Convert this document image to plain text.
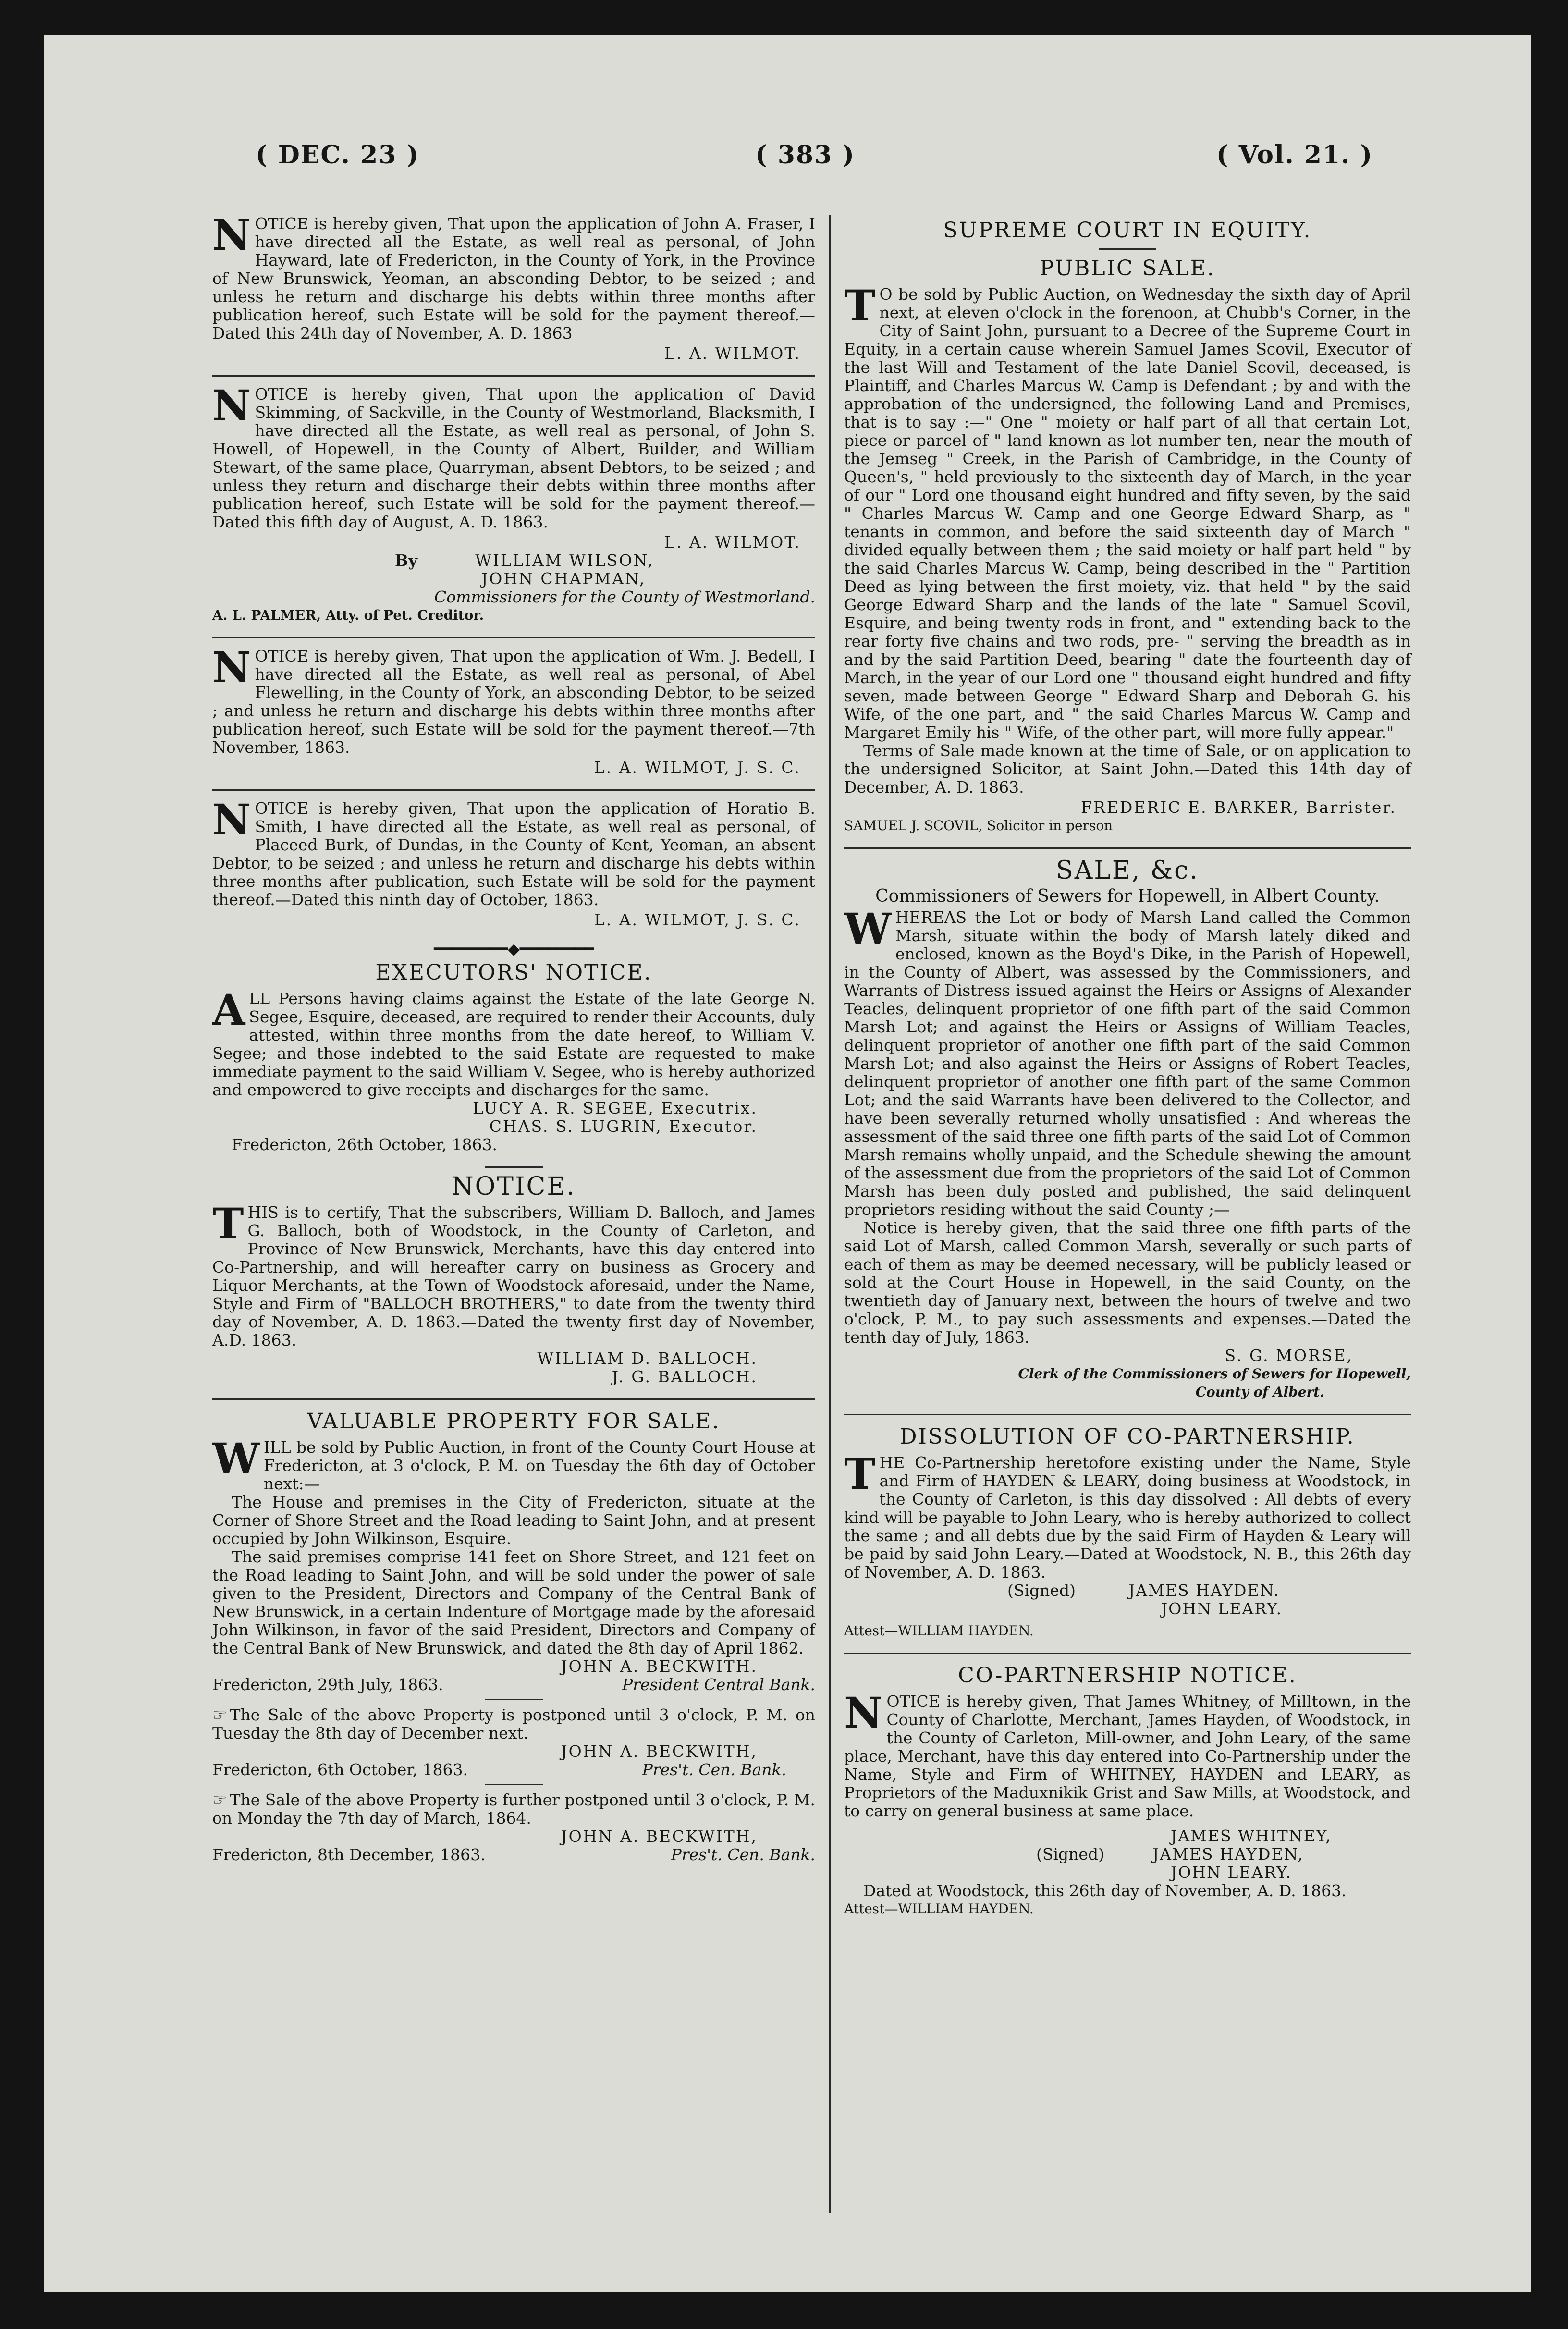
( DEC. 23 )	( 383 )	( Vol. 21. )
N OTICE is hereby given, That upon the application of John A. Fraser, I have directed all the Estate, as well real as personal, of John Hayward, late of Fredericton, in the County of York, in the Province of New Brunswick, Yeoman, an absconding Debtor, to be seized ; and unless he return and discharge his debts within three months after publication hereof, such Estate will be sold for the payment thereof.—Dated this 24th day of November, A. D. 1863

L. A. WILMOT.
N OTICE is hereby given, That upon the application of David Skimming, of Sackville, in the County of Westmorland, Blacksmith, I have directed all the Estate, as well real as personal, of John S. Howell, of Hopewell, in the County of Albert, Builder, and William Stewart, of the same place, Quarryman, absent Debtors, to be seized ; and unless they return and discharge their debts within three months after publication hereof, such Estate will be sold for the payment thereof.—Dated this fifth day of August, A. D. 1863.

L. A. WILMOT.
By	WILLIAM WILSON,
JOHN CHAPMAN,
Commissioners for the County of Westmorland.
A. L. PALMER, Atty. of Pet. Creditor.
N OTICE is hereby given, That upon the application of Wm. J. Bedell, I have directed all the Estate, as well real as personal, of Abel Flewelling, in the County of York, an absconding Debtor, to be seized ; and unless he return and discharge his debts within three months after publication hereof, such Estate will be sold for the payment thereof.—7th November, 1863.

L. A. WILMOT, J. S. C.
N OTICE is hereby given, That upon the application of Horatio B. Smith, I have directed all the Estate, as well real as personal, of Placeed Burk, of Dundas, in the County of Kent, Yeoman, an absent Debtor, to be seized ; and unless he return and discharge his debts within three months after publication, such Estate will be sold for the payment thereof.—Dated this ninth day of October, 1863.

L. A. WILMOT, J. S. C.
━━━━━━━━◆━━━━━━━━
EXECUTORS' NOTICE.
A LL Persons having claims against the Estate of the late George N. Segee, Esquire, deceased, are required to render their Accounts, duly attested, within three months from the date hereof, to William V. Segee; and those indebted to the said Estate are requested to make immediate payment to the said William V. Segee, who is hereby authorized and empowered to give receipts and discharges for the same.

LUCY A. R. SEGEE, Executrix.
CHAS. S. LUGRIN, Executor.
Fredericton, 26th October, 1863.
NOTICE.
T HIS is to certify, That the subscribers, William D. Balloch, and James G. Balloch, both of Woodstock, in the County of Carleton, and Province of New Brunswick, Merchants, have this day entered into Co-Partnership, and will hereafter carry on business as Grocery and Liquor Merchants, at the Town of Woodstock aforesaid, under the Name, Style and Firm of "BALLOCH BROTHERS," to date from the twenty third day of November, A. D. 1863.—Dated the twenty first day of November, A.D. 1863.

WILLIAM D. BALLOCH.
J. G. BALLOCH.
VALUABLE PROPERTY FOR SALE.
W ILL be sold by Public Auction, in front of the County Court House at Fredericton, at 3 o'clock, P. M. on Tuesday the 6th day of October next:—

The House and premises in the City of Fredericton, situate at the Corner of Shore Street and the Road leading to Saint John, and at present occupied by John Wilkinson, Esquire.

The said premises comprise 141 feet on Shore Street, and 121 feet on the Road leading to Saint John, and will be sold under the power of sale given to the President, Directors and Company of the Central Bank of New Brunswick, in a certain Indenture of Mortgage made by the aforesaid John Wilkinson, in favor of the said President, Directors and Company of the Central Bank of New Brunswick, and dated the 8th day of April 1862.

JOHN A. BECKWITH.
Fredericton, 29th July, 1863.	President Central Bank.

☞ The Sale of the above Property is postponed until 3 o'clock, P. M. on Tuesday the 8th day of December next.

JOHN A. BECKWITH,
Fredericton, 6th October, 1863.	Pres't. Cen. Bank.

☞ The Sale of the above Property is further postponed until 3 o'clock, P. M. on Monday the 7th day of March, 1864.

JOHN A. BECKWITH,
Fredericton, 8th December, 1863.	Pres't. Cen. Bank.
SUPREME COURT IN EQUITY.
PUBLIC SALE.
T O be sold by Public Auction, on Wednesday the sixth day of April next, at eleven o'clock in the forenoon, at Chubb's Corner, in the City of Saint John, pursuant to a Decree of the Supreme Court in Equity, in a certain cause wherein Samuel James Scovil, Executor of the last Will and Testament of the late Daniel Scovil, deceased, is Plaintiff, and Charles Marcus W. Camp is Defendant ; by and with the approbation of the undersigned, the following Land and Premises, that is to say :—" One " moiety or half part of all that certain Lot, piece or parcel of " land known as lot number ten, near the mouth of the Jemseg " Creek, in the Parish of Cambridge, in the County of Queen's, " held previously to the sixteenth day of March, in the year of our " Lord one thousand eight hundred and fifty seven, by the said " Charles Marcus W. Camp and one George Edward Sharp, as " tenants in common, and before the said sixteenth day of March " divided equally between them ; the said moiety or half part held " by the said Charles Marcus W. Camp, being described in the " Partition Deed as lying between the first moiety, viz. that held " by the said George Edward Sharp and the lands of the late " Samuel Scovil, Esquire, and being twenty rods in front, and " extending back to the rear forty five chains and two rods, pre- " serving the breadth as in and by the said Partition Deed, bearing " date the fourteenth day of March, in the year of our Lord one " thousand eight hundred and fifty seven, made between George " Edward Sharp and Deborah G. his Wife, of the one part, and " the said Charles Marcus W. Camp and Margaret Emily his " Wife, of the other part, will more fully appear."

Terms of Sale made known at the time of Sale, or on application to the undersigned Solicitor, at Saint John.—Dated this 14th day of December, A. D. 1863.

FREDERIC E. BARKER, Barrister.
SAMUEL J. SCOVIL, Solicitor in person
SALE, &c.
Commissioners of Sewers for Hopewell, in Albert County.
W HEREAS the Lot or body of Marsh Land called the Common Marsh, situate within the body of Marsh lately diked and enclosed, known as the Boyd's Dike, in the Parish of Hopewell, in the County of Albert, was assessed by the Commissioners, and Warrants of Distress issued against the Heirs or Assigns of Alexander Teacles, delinquent proprietor of one fifth part of the said Common Marsh Lot; and against the Heirs or Assigns of William Teacles, delinquent proprietor of another one fifth part of the said Common Marsh Lot; and also against the Heirs or Assigns of Robert Teacles, delinquent proprietor of another one fifth part of the same Common Lot; and the said Warrants have been delivered to the Collector, and have been severally returned wholly unsatisfied : And whereas the assessment of the said three one fifth parts of the said Lot of Common Marsh remains wholly unpaid, and the Schedule shewing the amount of the assessment due from the proprietors of the said Lot of Common Marsh has been duly posted and published, the said delinquent proprietors residing without the said County ;—

Notice is hereby given, that the said three one fifth parts of the said Lot of Marsh, called Common Marsh, severally or such parts of each of them as may be deemed necessary, will be publicly leased or sold at the Court House in Hopewell, in the said County, on the twentieth day of January next, between the hours of twelve and two o'clock, P. M., to pay such assessments and expenses.—Dated the tenth day of July, 1863.

S. G. MORSE,
Clerk of the Commissioners of Sewers for Hopewell,
County of Albert.
DISSOLUTION OF CO-PARTNERSHIP.
T HE Co-Partnership heretofore existing under the Name, Style and Firm of HAYDEN & LEARY, doing business at Woodstock, in the County of Carleton, is this day dissolved : All debts of every kind will be payable to John Leary, who is hereby authorized to collect the same ; and all debts due by the said Firm of Hayden & Leary will be paid by said John Leary.—Dated at Woodstock, N. B., this 26th day of November, A. D. 1863.

(Signed)	JAMES HAYDEN.
JOHN LEARY.
Attest—WILLIAM HAYDEN.
CO-PARTNERSHIP NOTICE.
N OTICE is hereby given, That James Whitney, of Milltown, in the County of Charlotte, Merchant, James Hayden, of Woodstock, in the County of Carleton, Mill-owner, and John Leary, of the same place, Merchant, have this day entered into Co-Partnership under the Name, Style and Firm of WHITNEY, HAYDEN and LEARY, as Proprietors of the Maduxnikik Grist and Saw Mills, at Woodstock, and to carry on general business at same place.

JAMES WHITNEY,
(Signed)	JAMES HAYDEN,
JOHN LEARY.
Dated at Woodstock, this 26th day of November, A. D. 1863.
Attest—WILLIAM HAYDEN.
